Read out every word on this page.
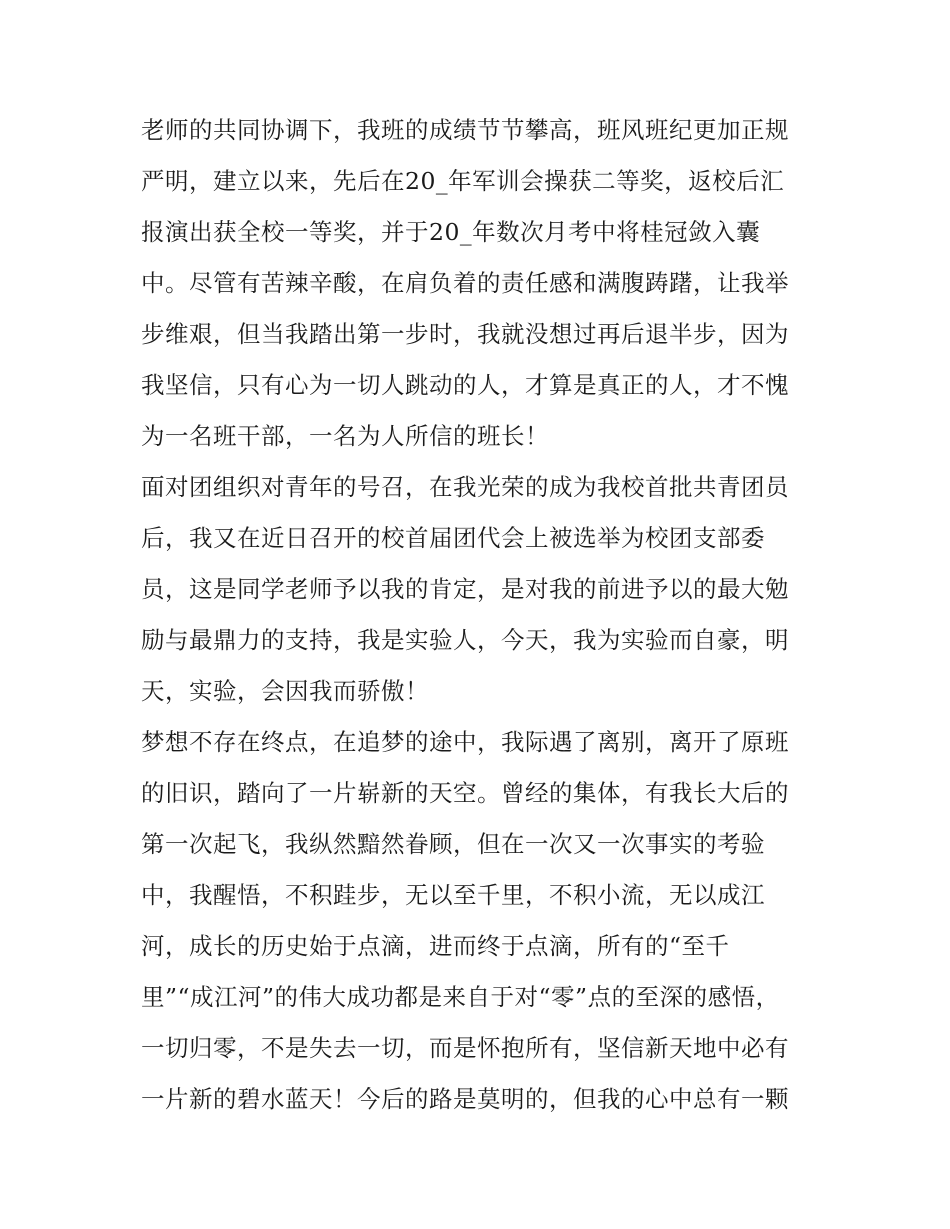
老师的共同协调下，我班的成绩节节攀高，班风班纪更加正规
严明，建立以来，先后在20_年军训会操获二等奖，返校后汇
报演出获全校一等奖，并于20_年数次月考中将桂冠敛入囊
中。尽管有苦辣辛酸，在肩负着的责任感和满腹踌躇，让我举
步维艰，但当我踏出第一步时，我就没想过再后退半步，因为
我坚信，只有心为一切人跳动的人，才算是真正的人，才不愧
为一名班干部，一名为人所信的班长！
面对团组织对青年的号召，在我光荣的成为我校首批共青团员
后，我又在近日召开的校首届团代会上被选举为校团支部委
员，这是同学老师予以我的肯定，是对我的前进予以的最大勉
励与最鼎力的支持，我是实验人，今天，我为实验而自豪，明
天，实验，会因我而骄傲！
梦想不存在终点，在追梦的途中，我际遇了离别，离开了原班
的旧识，踏向了一片崭新的天空。曾经的集体，有我长大后的
第一次起飞，我纵然黯然眷顾，但在一次又一次事实的考验
中，我醒悟，不积跬步，无以至千里，不积小流，无以成江
河，成长的历史始于点滴，进而终于点滴，所有的“至千
里”“成江河”的伟大成功都是来自于对“零”点的至深的感悟，
一切归零，不是失去一切，而是怀抱所有，坚信新天地中必有
一片新的碧水蓝天！今后的路是莫明的，但我的心中总有一颗
